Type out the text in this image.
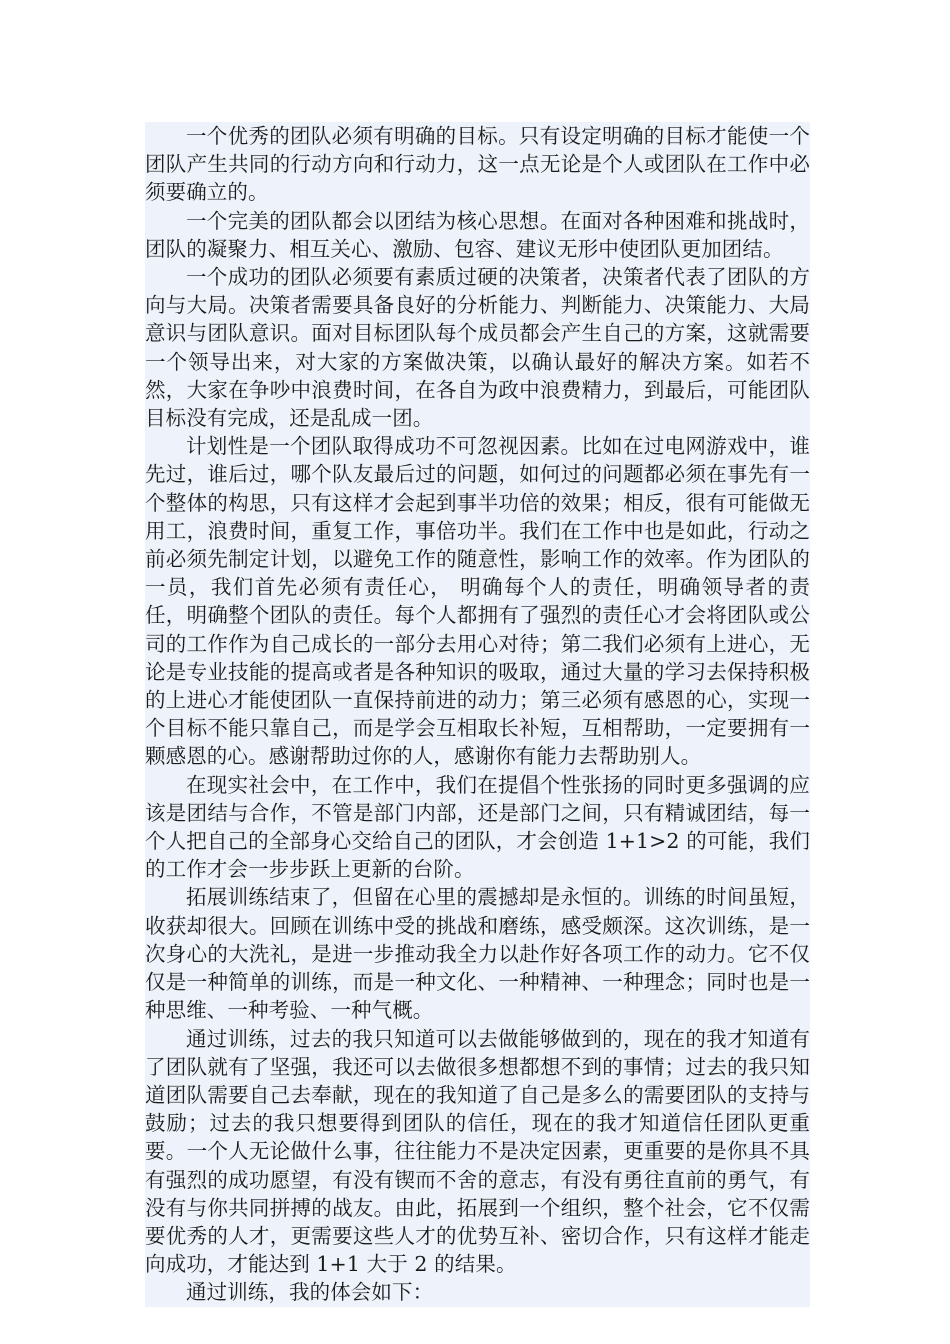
一个优秀的团队必须有明确的目标。只有设定明确的目标才能使一个团队产生共同的行动方向和行动力，这一点无论是个人或团队在工作中必须要确立的。

一个完美的团队都会以团结为核心思想。在面对各种困难和挑战时，团队的凝聚力、相互关心、激励、包容、建议无形中使团队更加团结。

一个成功的团队必须要有素质过硬的决策者，决策者代表了团队的方向与大局。决策者需要具备良好的分析能力、判断能力、决策能力、大局意识与团队意识。面对目标团队每个成员都会产生自己的方案，这就需要一个领导出来，对大家的方案做决策，以确认最好的解决方案。如若不然，大家在争吵中浪费时间，在各自为政中浪费精力，到最后，可能团队目标没有完成，还是乱成一团。

计划性是一个团队取得成功不可忽视因素。比如在过电网游戏中，谁先过，谁后过，哪个队友最后过的问题，如何过的问题都必须在事先有一个整体的构思，只有这样才会起到事半功倍的效果；相反，很有可能做无用工，浪费时间，重复工作，事倍功半。我们在工作中也是如此，行动之前必须先制定计划，以避免工作的随意性，影响工作的效率。作为团队的一员，我们首先必须有责任心， 明确每个人的责任，明确领导者的责任，明确整个团队的责任。每个人都拥有了强烈的责任心才会将团队或公司的工作作为自己成长的一部分去用心对待；第二我们必须有上进心，无论是专业技能的提高或者是各种知识的吸取，通过大量的学习去保持积极的上进心才能使团队一直保持前进的动力；第三必须有感恩的心，实现一个目标不能只靠自己，而是学会互相取长补短，互相帮助，一定要拥有一颗感恩的心。感谢帮助过你的人，感谢你有能力去帮助别人。

在现实社会中，在工作中，我们在提倡个性张扬的同时更多强调的应该是团结与合作，不管是部门内部，还是部门之间，只有精诚团结，每一个人把自己的全部身心交给自己的团队，才会创造 1+1>2 的可能，我们的工作才会一步步跃上更新的台阶。

拓展训练结束了，但留在心里的震撼却是永恒的。训练的时间虽短，收获却很大。回顾在训练中受的挑战和磨练，感受颇深。这次训练，是一次身心的大洗礼，是进一步推动我全力以赴作好各项工作的动力。它不仅仅是一种简单的训练，而是一种文化、一种精神、一种理念；同时也是一种思维、一种考验、一种气概。

通过训练，过去的我只知道可以去做能够做到的，现在的我才知道有了团队就有了坚强，我还可以去做很多想都想不到的事情；过去的我只知道团队需要自己去奉献，现在的我知道了自己是多么的需要团队的支持与鼓励；过去的我只想要得到团队的信任，现在的我才知道信任团队更重要。一个人无论做什么事，往往能力不是决定因素，更重要的是你具不具有强烈的成功愿望，有没有锲而不舍的意志，有没有勇往直前的勇气，有没有与你共同拼搏的战友。由此，拓展到一个组织，整个社会，它不仅需要优秀的人才，更需要这些人才的优势互补、密切合作，只有这样才能走向成功，才能达到 1+1 大于 2 的结果。

通过训练，我的体会如下：
